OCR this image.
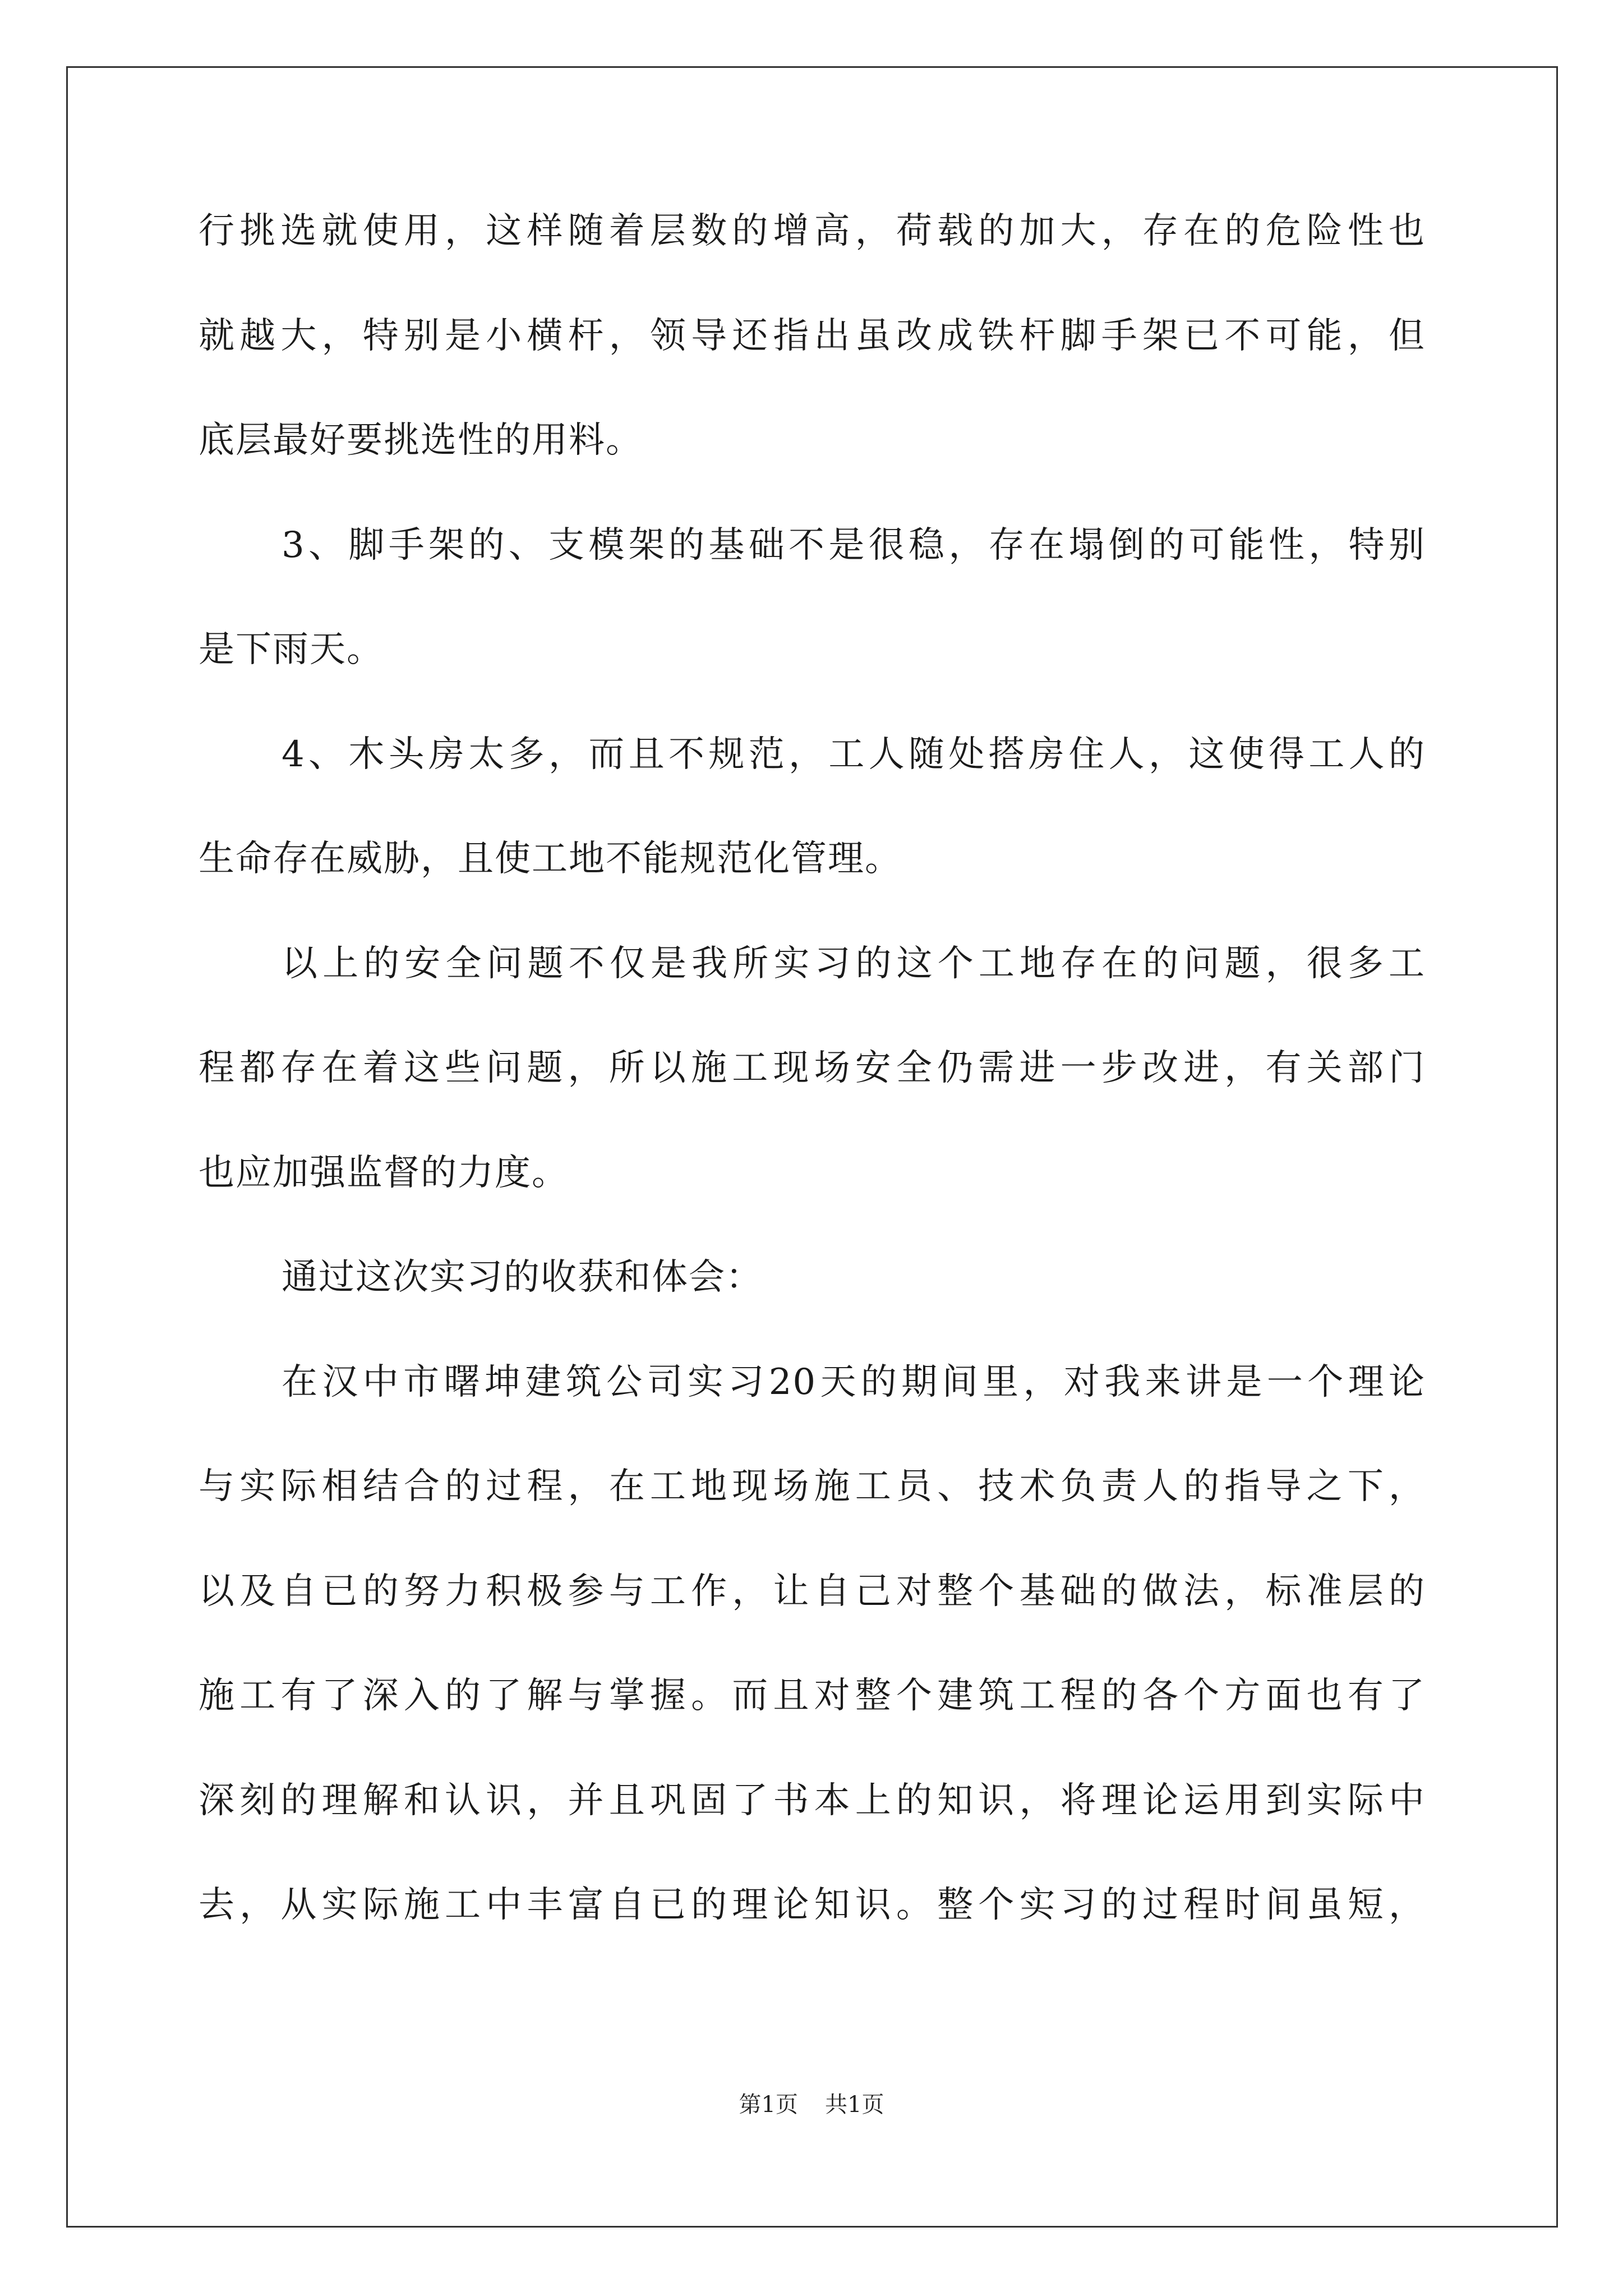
行挑选就使用，这样随着层数的增高，荷载的加大，存在的危险性也
就越大，特别是小横杆，领导还指出虽改成铁杆脚手架已不可能，但
底层最好要挑选性的用料。
3、脚手架的、支模架的基础不是很稳，存在塌倒的可能性，特别
是下雨天。
4、木头房太多，而且不规范，工人随处搭房住人，这使得工人的
生命存在威胁，且使工地不能规范化管理。
以上的安全问题不仅是我所实习的这个工地存在的问题，很多工
程都存在着这些问题，所以施工现场安全仍需进一步改进，有关部门
也应加强监督的力度。
通过这次实习的收获和体会：
在汉中市曙坤建筑公司实习20天的期间里，对我来讲是一个理论
与实际相结合的过程，在工地现场施工员、技术负责人的指导之下，
以及自已的努力积极参与工作，让自己对整个基础的做法，标准层的
施工有了深入的了解与掌握。而且对整个建筑工程的各个方面也有了
深刻的理解和认识，并且巩固了书本上的知识，将理论运用到实际中
去，从实际施工中丰富自已的理论知识。整个实习的过程时间虽短，
第1页 共1页
